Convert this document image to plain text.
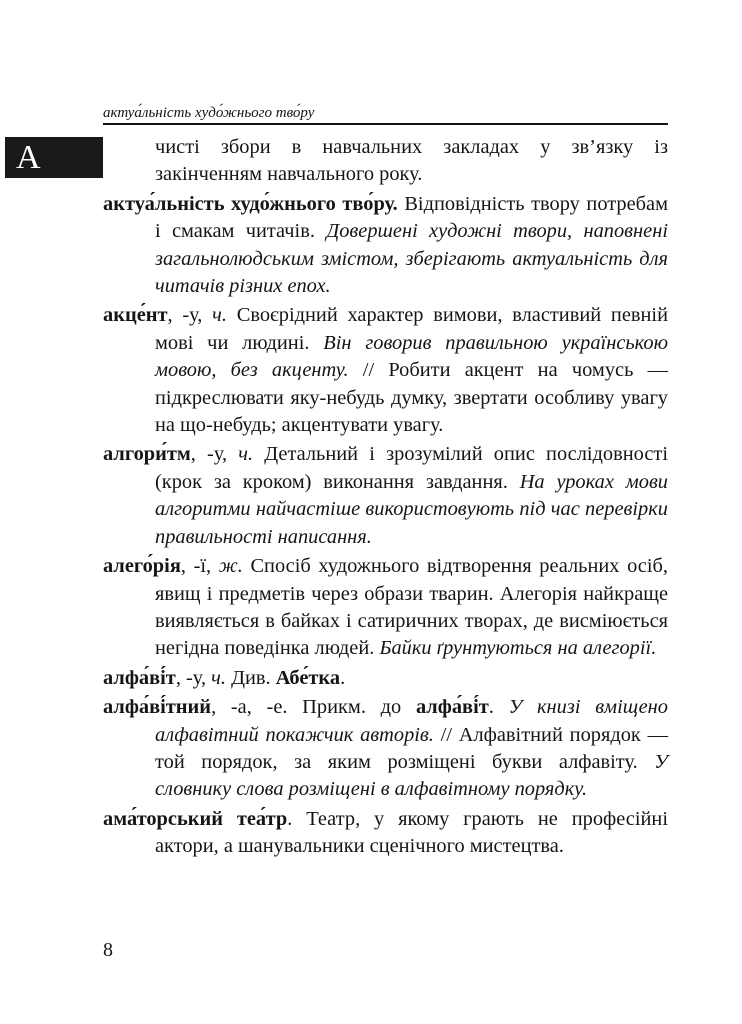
актуа́льність худо́жнього тво́ру
А	чисті збори в навчальних закладах у зв’язку із закінченням навчального року.

актуа́льність худо́жнього тво́ру. Відповідність твору потребам і смакам читачів. Довершені художні твори, наповнені загальнолюдським змістом, зберігають актуальність для читачів різних епох.

акце́нт, -у, ч. Своєрідний характер вимови, властивий певній мові чи людині. Він говорив правильною українською мовою, без акценту. // Робити акцент на чомусь — підкреслювати яку-небудь думку, звертати особливу увагу на що-небудь; акцентувати увагу.

алгори́тм, -у, ч. Детальний і зрозумілий опис послідовності (крок за кроком) виконання завдання. На уроках мови алгоритми найчастіше використовують під час перевірки правильності написання.

алего́рія, -ї, ж. Спосіб художнього відтворення реальних осіб, явищ і предметів через образи тварин. Алегорія найкраще виявляється в байках і сатиричних творах, де висміюється негідна поведінка людей. Байки ґрунтуються на алегорії.

алфа́ві́т, -у, ч. Див. Абе́тка.

алфа́ві́тний, -а, -е. Прикм. до алфа́ві́т. У книзі вміщено алфавітний покажчик авторів. // Алфавітний порядок — той порядок, за яким розміщені букви алфавіту. У словнику слова розміщені в алфавітному порядку.

ама́торський теа́тр. Театр, у якому грають не професійні актори, а шанувальники сценічного мистецтва.

8
